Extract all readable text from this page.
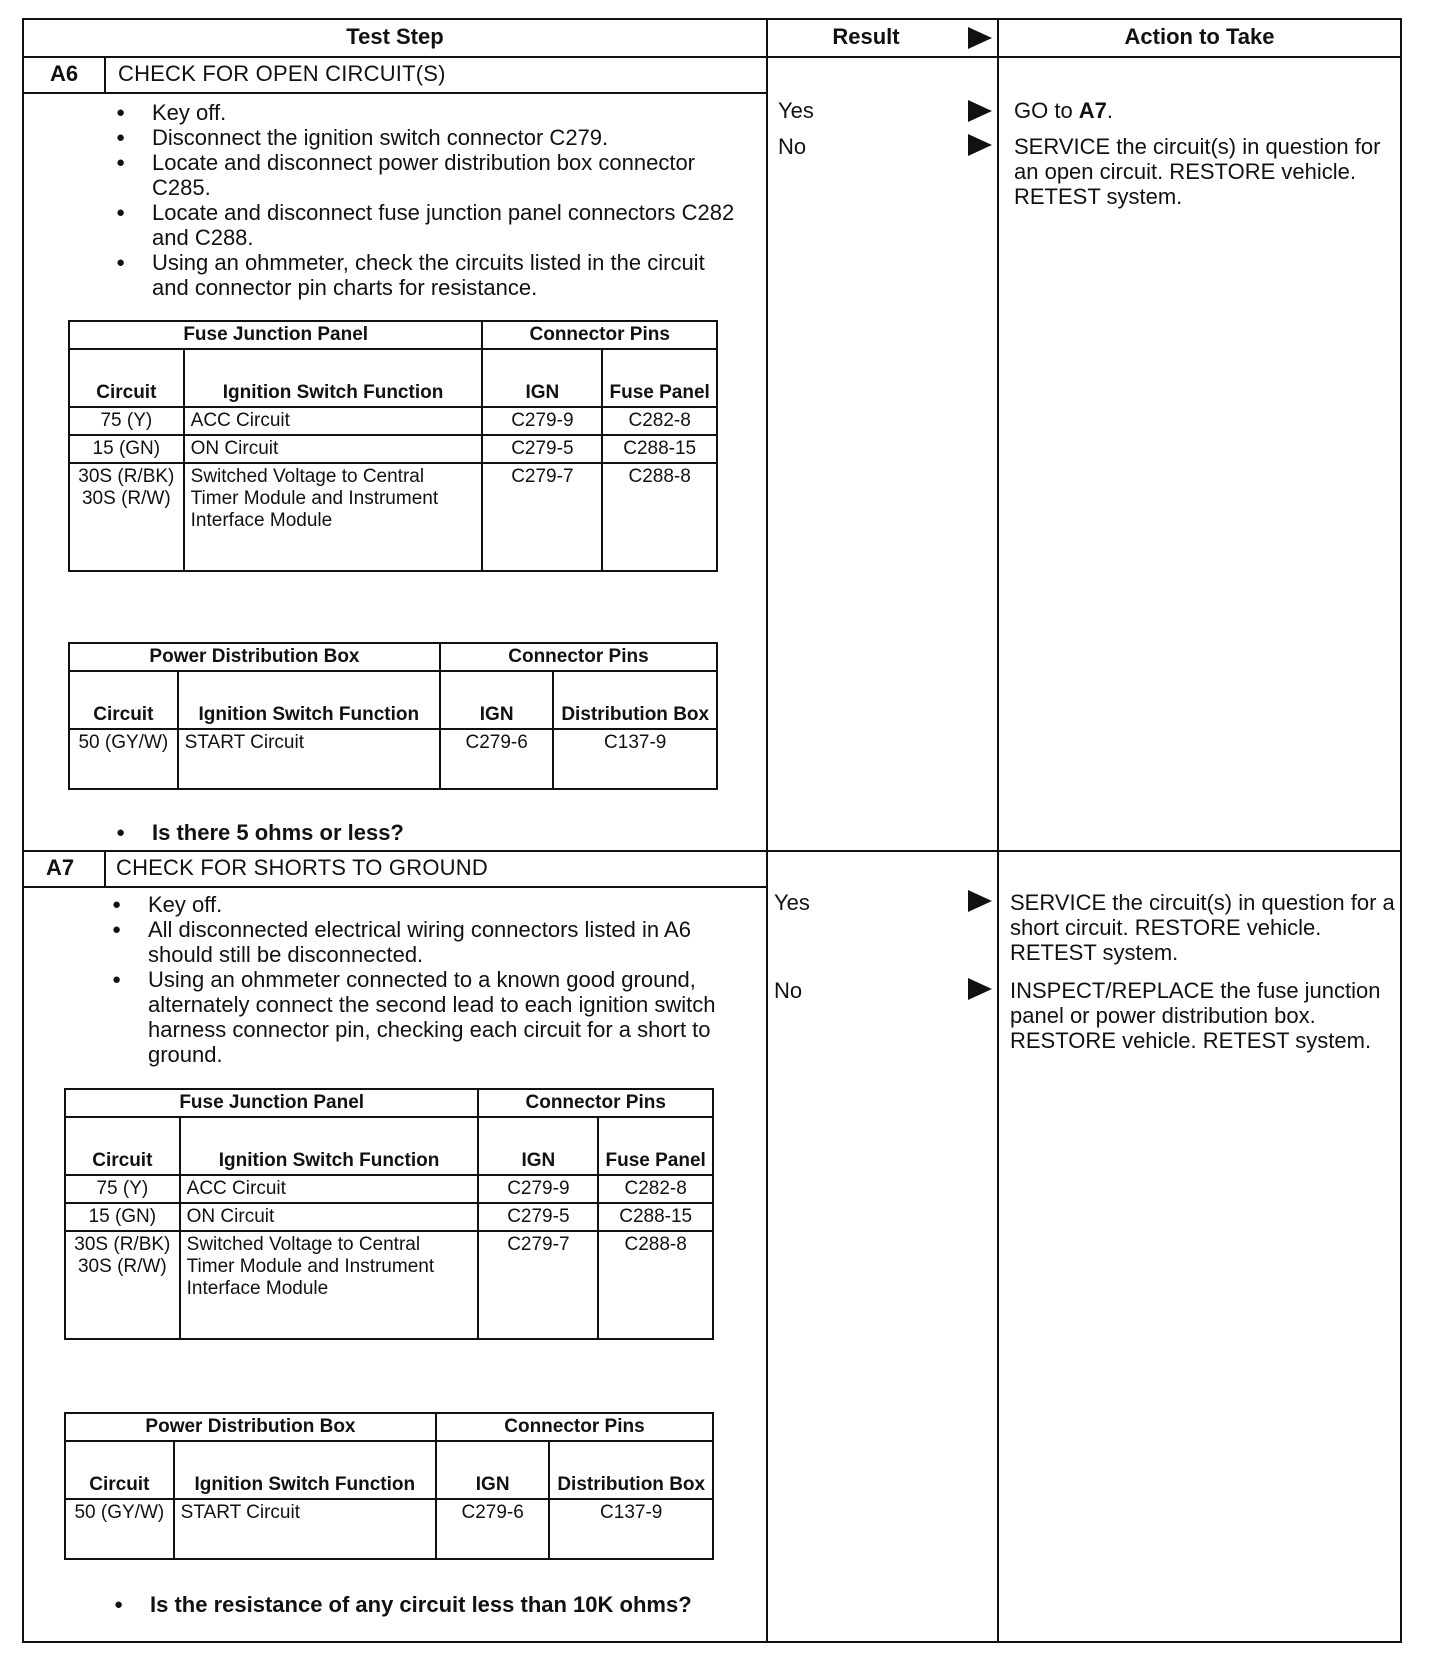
Test Step	Result	Action to Take
A6 CHECK FOR OPEN CIRCUIT(S)
● Key off.
● Disconnect the ignition switch connector C279.
● Locate and disconnect power distribution box connector C285.
● Locate and disconnect fuse junction panel connectors C282 and C288.
● Using an ohmmeter, check the circuits listed in the circuit and connector pin charts for resistance.
Fuse Junction Panel		Connector Pins	
Circuit	Ignition Switch Function	IGN	Fuse Panel
75 (Y)	ACC Circuit	C279-9	C282-8
15 (GN)	ON Circuit	C279-5	C288-15
30S (R/BK) 30S (R/W)	Switched Voltage to Central Timer Module and Instrument Interface Module	C279-7	C288-8
Power Distribution Box		Connector Pins	
Circuit	Ignition Switch Function	IGN	Distribution Box
50 (GY/W)	START Circuit	C279-6	C137-9
● Is there 5 ohms or less?
Yes	GO to A7.
No	SERVICE the circuit(s) in question for an open circuit. RESTORE vehicle. RETEST system.
A7 CHECK FOR SHORTS TO GROUND
● Key off.
● All disconnected electrical wiring connectors listed in A6 should still be disconnected.
● Using an ohmmeter connected to a known good ground, alternately connect the second lead to each ignition switch harness connector pin, checking each circuit for a short to ground.
Fuse Junction Panel		Connector Pins	
Circuit	Ignition Switch Function	IGN	Fuse Panel
75 (Y)	ACC Circuit	C279-9	C282-8
15 (GN)	ON Circuit	C279-5	C288-15
30S (R/BK) 30S (R/W)	Switched Voltage to Central Timer Module and Instrument Interface Module	C279-7	C288-8
Power Distribution Box		Connector Pins	
Circuit	Ignition Switch Function	IGN	Distribution Box
50 (GY/W)	START Circuit	C279-6	C137-9
● Is the resistance of any circuit less than 10K ohms?
Yes	SERVICE the circuit(s) in question for a short circuit. RESTORE vehicle. RETEST system.
No	INSPECT/REPLACE the fuse junction panel or power distribution box. RESTORE vehicle. RETEST system.
